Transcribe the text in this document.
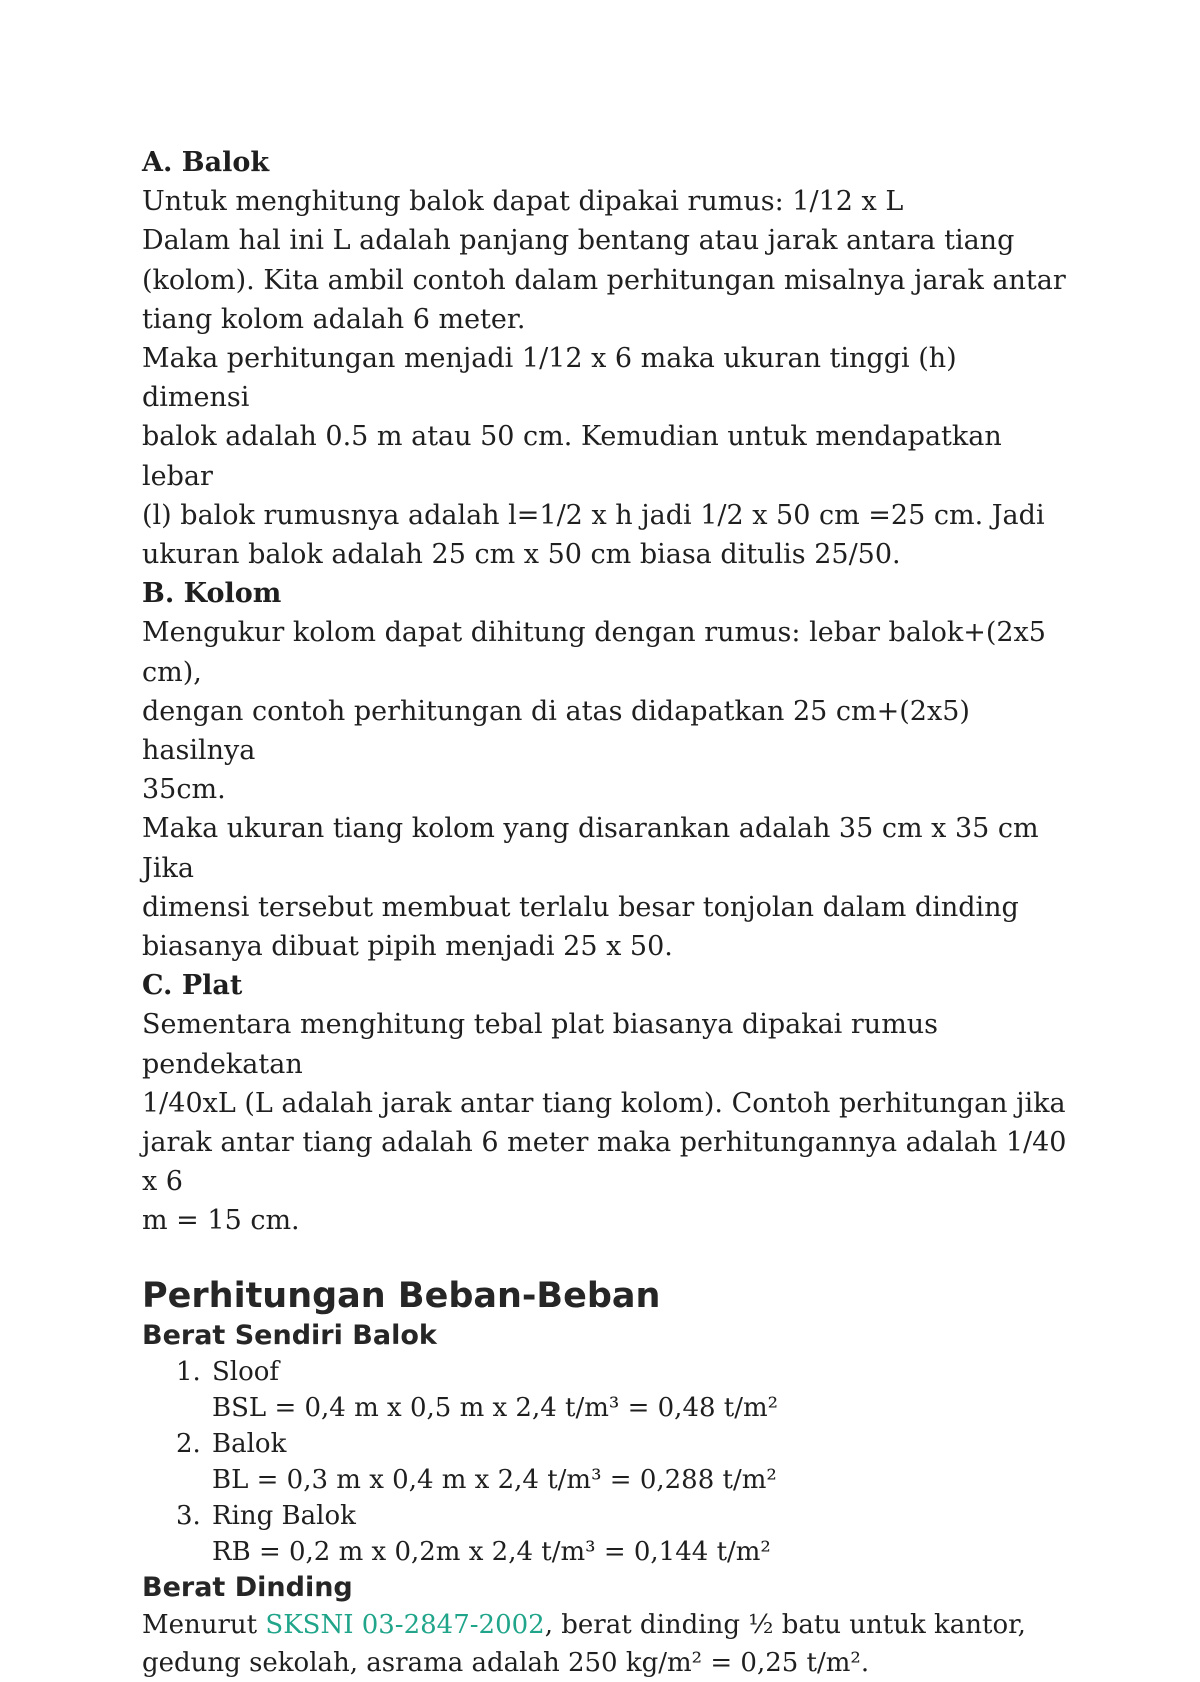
A. Balok

Untuk menghitung balok dapat dipakai rumus: 1/12 x L

Dalam hal ini L adalah panjang bentang atau jarak antara tiang

(kolom). Kita ambil contoh dalam perhitungan misalnya jarak antar

tiang kolom adalah 6 meter.

Maka perhitungan menjadi 1/12 x 6 maka ukuran tinggi (h) dimensi

balok adalah 0.5 m atau 50 cm. Kemudian untuk mendapatkan lebar

(l) balok rumusnya adalah l=1/2 x h jadi 1/2 x 50 cm =25 cm. Jadi

ukuran balok adalah 25 cm x 50 cm biasa ditulis 25/50.

B. Kolom

Mengukur kolom dapat dihitung dengan rumus: lebar balok+(2x5 cm),

dengan contoh perhitungan di atas didapatkan 25 cm+(2x5) hasilnya

35cm.

Maka ukuran tiang kolom yang disarankan adalah 35 cm x 35 cm Jika

dimensi tersebut membuat terlalu besar tonjolan dalam dinding

biasanya dibuat pipih menjadi 25 x 50.

C. Plat

Sementara menghitung tebal plat biasanya dipakai rumus pendekatan

1/40xL (L adalah jarak antar tiang kolom). Contoh perhitungan jika

jarak antar tiang adalah 6 meter maka perhitungannya adalah 1/40 x 6

m = 15 cm.

Perhitungan Beban-Beban
Berat Sendiri Balok
1. Sloof
BSL = 0,4 m x 0,5 m x 2,4 t/m³ = 0,48 t/m²
2. Balok
BL = 0,3 m x 0,4 m x 2,4 t/m³ = 0,288 t/m²
3. Ring Balok
RB = 0,2 m x 0,2m x 2,4 t/m³ = 0,144 t/m²
Berat Dinding

Menurut SKSNI 03-2847-2002, berat dinding ½ batu untuk kantor,

gedung sekolah, asrama adalah 250 kg/m² = 0,25 t/m².
